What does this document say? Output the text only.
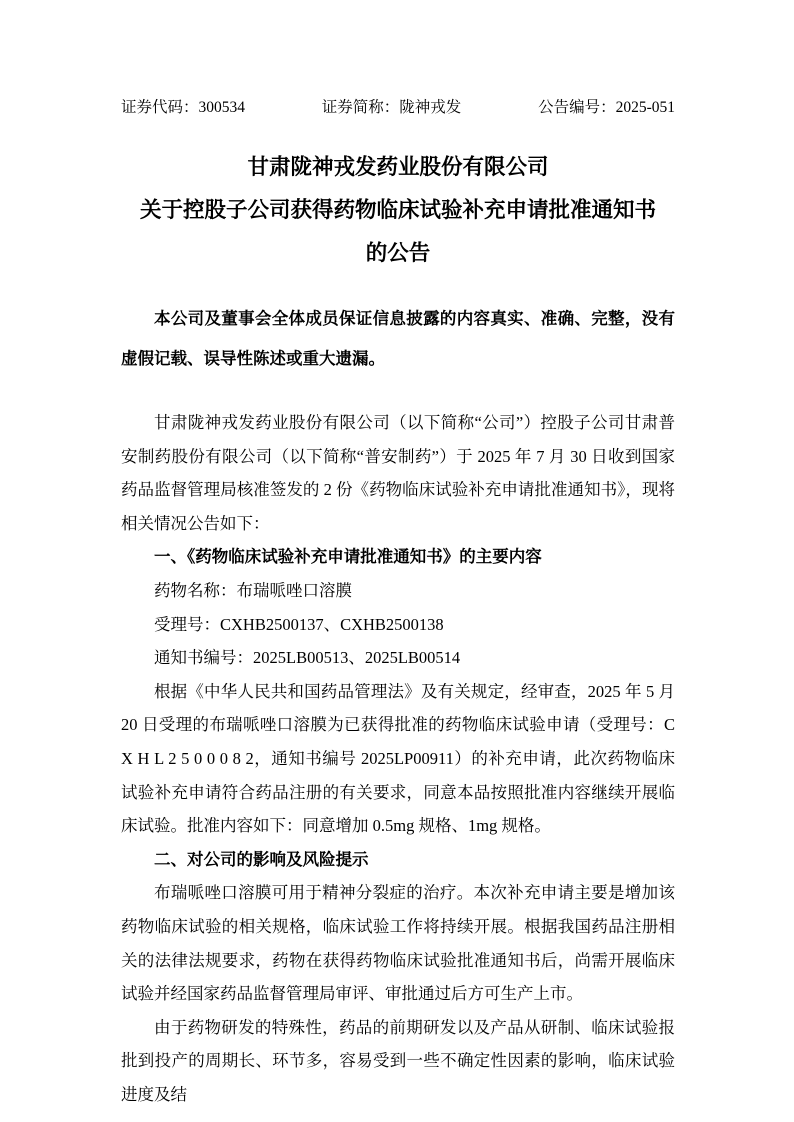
证券代码：300534	证券简称：陇神戎发	公告编号：2025-051
甘肃陇神戎发药业股份有限公司
关于控股子公司获得药物临床试验补充申请批准通知书
的公告
本公司及董事会全体成员保证信息披露的内容真实、准确、完整，没有虚假记载、误导性陈述或重大遗漏。

甘肃陇神戎发药业股份有限公司（以下简称“公司”）控股子公司甘肃普安制药股份有限公司（以下简称“普安制药”）于 2025 年 7 月 30 日收到国家药品监督管理局核准签发的 2 份《药物临床试验补充申请批准通知书》，现将相关情况公告如下：

一、《药物临床试验补充申请批准通知书》的主要内容

药物名称：布瑞哌唑口溶膜

受理号：CXHB2500137、CXHB2500138

通知书编号：2025LB00513、2025LB00514

根据《中华人民共和国药品管理法》及有关规定，经审查，2025 年 5 月 20 日受理的布瑞哌唑口溶膜为已获得批准的药物临床试验申请（受理号：C X H L 2 5 0 0 0 8 2，通知书编号 2025LP00911）的补充申请，此次药物临床试验补充申请符合药品注册的有关要求，同意本品按照批准内容继续开展临床试验。批准内容如下：同意增加 0.5mg 规格、1mg 规格。

二、对公司的影响及风险提示

布瑞哌唑口溶膜可用于精神分裂症的治疗。本次补充申请主要是增加该药物临床试验的相关规格，临床试验工作将持续开展。根据我国药品注册相关的法律法规要求，药物在获得药物临床试验批准通知书后，尚需开展临床试验并经国家药品监督管理局审评、审批通过后方可生产上市。

由于药物研发的特殊性，药品的前期研发以及产品从研制、临床试验报批到投产的周期长、环节多，容易受到一些不确定性因素的影响，临床试验进度及结
